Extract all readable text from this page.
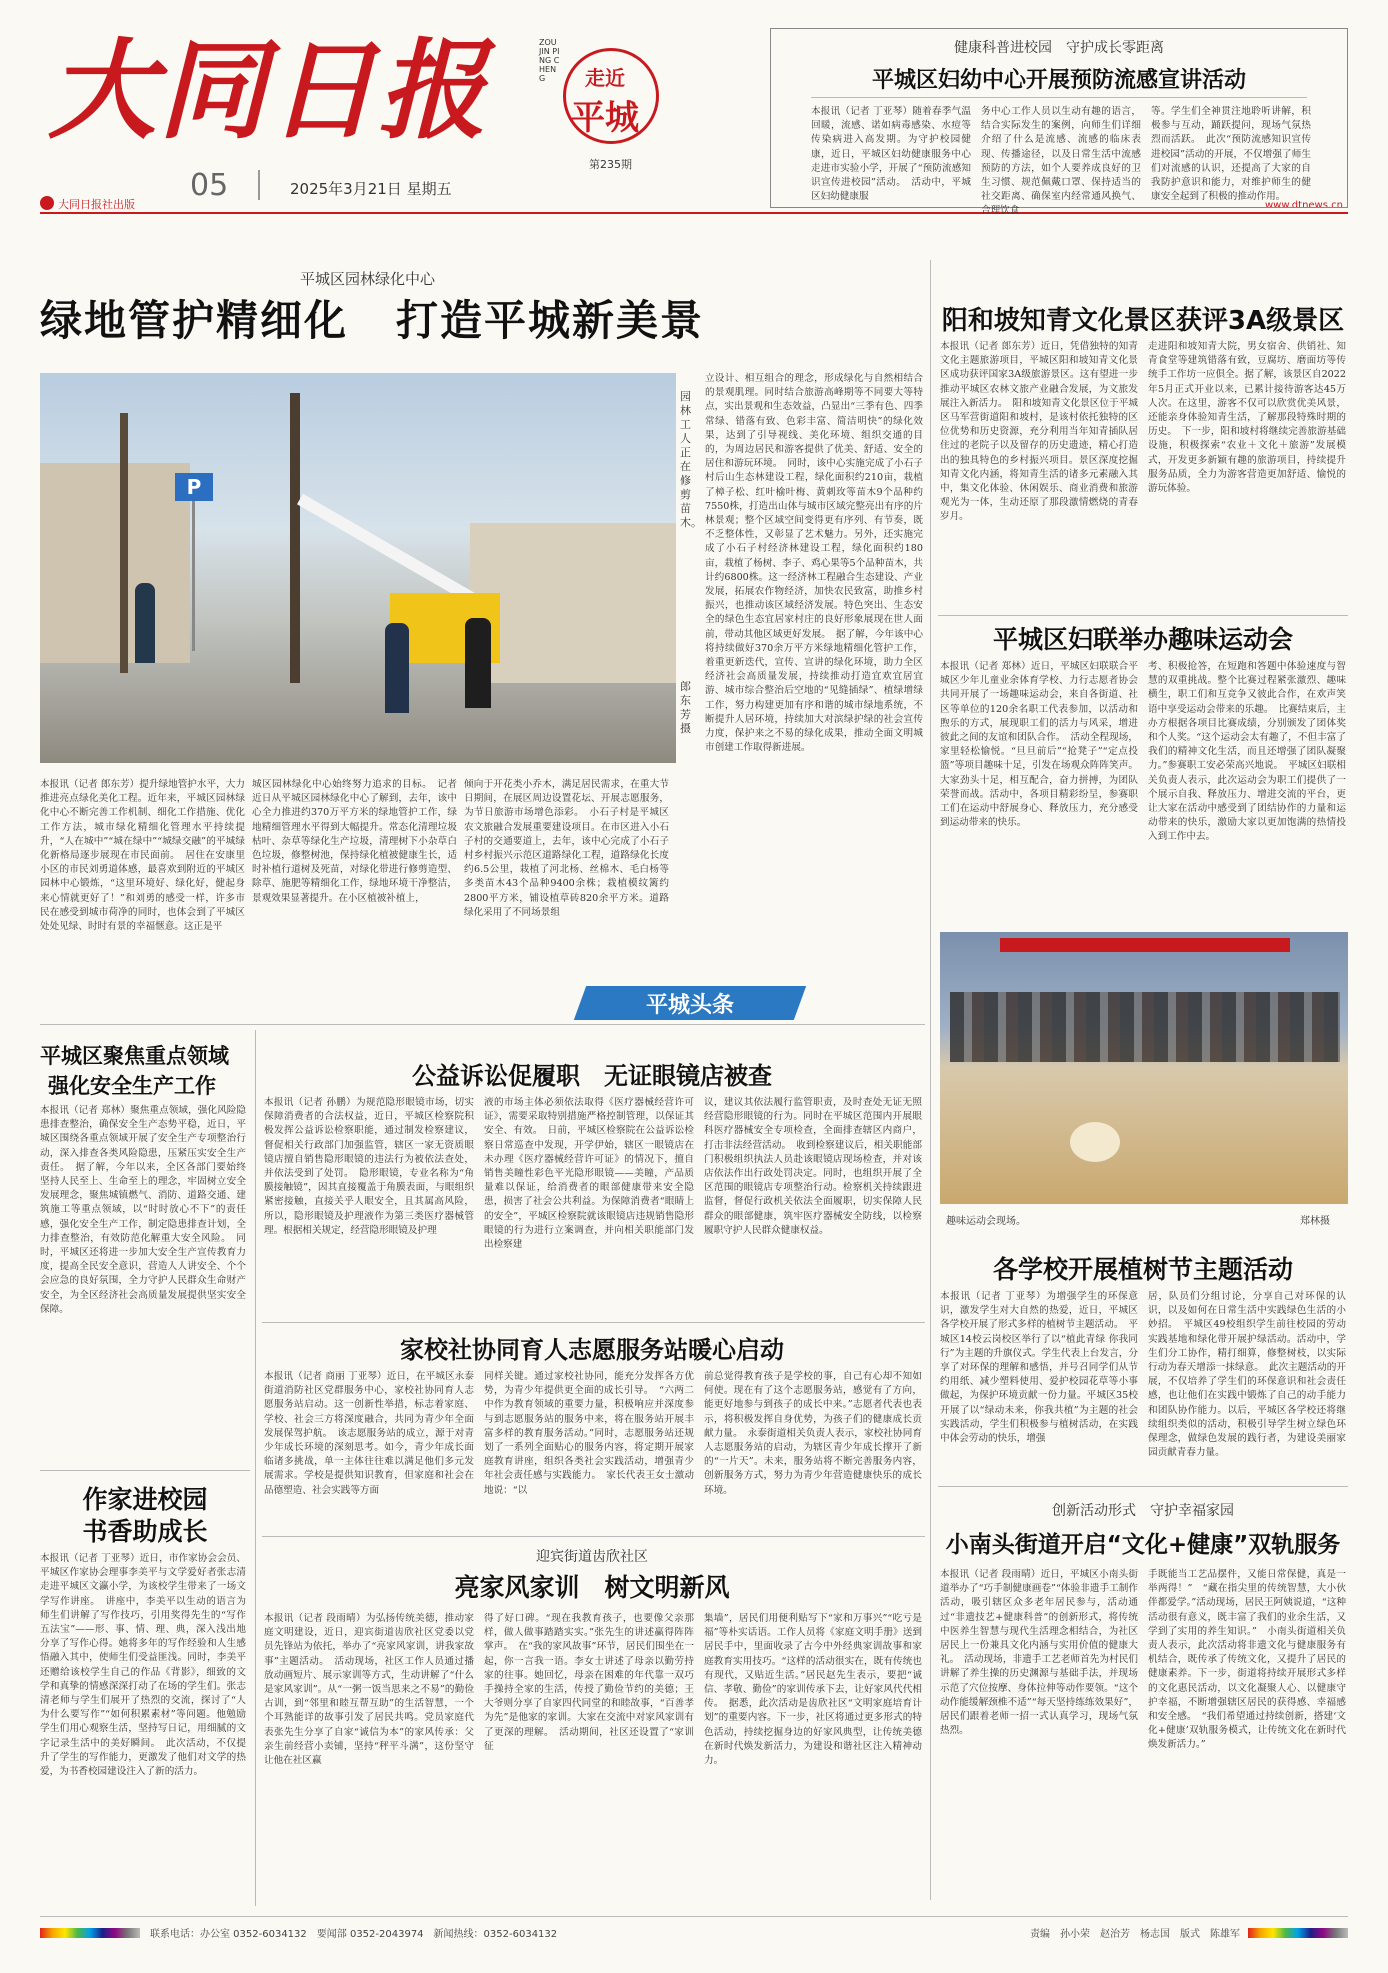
大同日报	ZOU JIN PING CHENG	走近
平城
第235期
05	2025年3月21日 星期五
大同日报社出版	www.dtnews.cn
健康科普进校园　守护成长零距离
平城区妇幼中心开展预防流感宣讲活动
本报讯（记者 丁亚琴）随着春季气温回暖，流感、诺如病毒感染、水痘等传染病进入高发期。为守护校园健康，近日，平城区妇幼健康服务中心走进市实验小学，开展了“预防流感知识宣传进校园”活动。　活动中，平城区妇幼健康服
务中心工作人员以生动有趣的语言，结合实际发生的案例，向师生们详细介绍了什么是流感、流感的临床表现、传播途径，以及日常生活中流感预防的方法，如个人要养成良好的卫生习惯、规范佩戴口罩、保持适当的社交距离、确保室内经常通风换气、合理饮食
等。学生们全神贯注地聆听讲解，积极参与互动，踊跃提问，现场气氛热烈而活跃。　此次“预防流感知识宣传进校园”活动的开展，不仅增强了师生们对流感的认识，还提高了大家的自我防护意识和能力，对维护师生的健康安全起到了积极的推动作用。
平城区园林绿化中心
绿地管护精细化 打造平城新美景
P
园林工人正在修剪苗木。
郎东芳摄
立设计、相互组合的理念，形成绿化与自然相结合的景观肌理。同时结合旅游高峰期等不同要大等特点，实出景观和生态效益，凸显出“三季有色、四季常绿、错落有致、色彩丰富、简洁明快”的绿化效果，达到了引导视线、美化环境、组织交通的目的，为周边居民和游客提供了优美、舒适、安全的居住和游玩环境。　同时，该中心实施完成了小石子村后山生态林建设工程，绿化面积约210亩，栽植了樟子松、红叶榆叶梅、黄刺玫等苗木9个品种约7550株，打造出山体与城市区域完整亮出有序的片林景观；整个区域空间变得更有序列、有节奏，既不乏整体性，又彰显了艺术魅力。另外，还实施完成了小石子村经济林建设工程，绿化面积约180亩，栽植了杨树、李子、鸡心果等5个品种苗木，共计约6800株。这一经济林工程融合生态建设、产业发展，拓展农作物经济，加快农民致富，助推乡村振兴，也推动该区域经济发展。特色突出、生态安全的绿色生态宜居家村庄的良好形象展现在世人面前，带动其他区域更好发展。　据了解，今年该中心将持续做好370余万平方米绿地精细化管护工作，着重更新迭代，宣传、宣讲的绿化环境，助力全区经济社会高质量发展，持续推动打造宜欢宜居宜游、城市综合整治后空地的“见缝插绿”、植绿增绿工作，努力构建更加有序和谐的城市绿地系统，不断提升人居环境，持续加大对滨绿护绿的社会宣传力度，保护来之不易的绿化成果，推动全面文明城市创建工作取得新进展。
本报讯（记者 郎东芳）提升绿地管护水平，大力推进亮点绿化美化工程。近年来，平城区园林绿化中心不断完善工作机制、细化工作措施、优化工作方法，城市绿化精细化管理水平持续提升，“人在城中”“城在绿中”“城绿交融”的平城绿化新格局逐步展现在市民面前。　居住在安康里小区的市民刘勇道体感，最喜欢到附近的平城区园林中心锻炼，“这里环境好、绿化好，健起身来心情就更好了！”和刘勇的感受一样，许多市民在感受到城市荷净的同时，也体会到了平城区处处见绿、时时有景的幸福惬意。这正是平
城区园林绿化中心始终努力追求的目标。　记者近日从平城区园林绿化中心了解到，去年，该中心全力推进约370万平方米的绿地管护工作，绿地精细管理水平得到大幅提升。常态化清理垃圾枯叶、杂草等绿化生产垃圾，清理树下小杂草白色垃圾，修整树池，保持绿化植被健康生长，适时补植行道树及死苗，对绿化带进行修剪造型、除草、施肥等精细化工作，绿地环境干净整洁，景观效果显著提升。在小区植被补植上，
倾向于开花类小乔木，满足居民需求，在重大节日期间，在展区周边设置花坛、开展志愿服务，为节日旅游市场增色添彩。　小石子村是平城区农文旅融合发展重要建设项目。在市区进入小石子村的交通要道上，去年，该中心完成了小石子村乡村振兴示范区道路绿化工程，道路绿化长度约6.5公里，栽植了河北杨、丝棉木、毛白杨等多类苗木43个品种9400余株；栽植模纹篱约2800平方米，铺设植草砖820余平方米。道路绿化采用了不同场景组
平城头条
阳和坡知青文化景区获评3A级景区
本报讯（记者 郎东芳）近日，凭借独特的知青文化主题旅游项目，平城区阳和坡知青文化景区成功获评国家3A级旅游景区。这有望进一步推动平城区农林文旅产业融合发展，为文旅发展注入新活力。　阳和坡知青文化景区位于平城区马军营街道阳和坡村，是该村依托独特的区位优势和历史资源，充分利用当年知青插队居住过的老院子以及留存的历史遗迹，精心打造出的独具特色的乡村振兴项目。景区深度挖掘知青文化内涵，将知青生活的诸多元素融入其中，集文化体验、休闲娱乐、商业消费和旅游观光为一体，生动还原了那段激情燃烧的青春岁月。
走进阳和坡知青大院，男女宿舍、供销社、知青食堂等建筑错落有致，豆腐坊、磨面坊等传统手工作坊一应俱全。据了解，该景区自2022年5月正式开业以来，已累计接待游客达45万人次。在这里，游客不仅可以欣赏优美风景，还能亲身体验知青生活，了解那段特殊时期的历史。　下一步，阳和坡村将继续完善旅游基础设施，积极探索“农业＋文化＋旅游”发展模式，开发更多新颖有趣的旅游项目，持续提升服务品质，全力为游客营造更加舒适、愉悦的游玩体验。
平城区妇联举办趣味运动会
本报讯（记者 郑林）近日，平城区妇联联合平城区少年儿童业余体育学校、力行志愿者协会共同开展了一场趣味运动会，来自各街道、社区等单位的120余名职工代表参加，以活动和煦乐的方式，展现职工们的活力与风采，增进彼此之间的友谊和团队合作。　活动全程现场，家里轻松愉悦。“旦旦前后”“抢凳子”“定点投篮”等项目趣味十足，引发在场观众阵阵笑声。大家劲头十足，相互配合，奋力拼搏，为团队荣誉而战。活动中，各项目精彩纷呈，参赛职工们在运动中舒展身心、释放压力，充分感受到运动带来的快乐。
考、积极抢答，在短跑和答题中体验速度与智慧的双重挑战。整个比赛过程紧张激烈、趣味横生，职工们和互竞争又彼此合作，在欢声笑语中享受运动会带来的乐趣。　比赛结束后，主办方根据各项目比赛成绩，分别颁发了团体奖和个人奖。“这个运动会太有趣了，不但丰富了我们的精神文化生活，而且还增强了团队凝聚力。”参赛职工安必荣高兴地说。　平城区妇联相关负责人表示，此次运动会为职工们提供了一个展示自我、释放压力、增进交流的平台，更让大家在活动中感受到了团结协作的力量和运动带来的快乐，激励大家以更加饱满的热情投入到工作中去。
趣味运动会现场。	郑林摄
各学校开展植树节主题活动
本报讯（记者 丁亚琴）为增强学生的环保意识，激发学生对大自然的热爱，近日，平城区各学校开展了形式多样的植树节主题活动。　平城区14校云岗校区举行了以“植此青绿 你我同行”为主题的升旗仪式。学生代表上台发言，分享了对环保的理解和感悟，并号召同学们从节约用纸、减少塑料使用、爱护校园花草等小事做起，为保护环境贡献一份力量。平城区35校开展了以“绿动未来，你我共植”为主题的社会实践活动，学生们积极参与植树活动，在实践中体会劳动的快乐，增强
居，队员们分组讨论，分享自己对环保的认识，以及如何在日常生活中实践绿色生活的小妙招。　平城区49校组织学生前往校园的劳动实践基地和绿化带开展护绿活动。活动中，学生们分工协作，精打细算，修整树枝，以实际行动为春天增添一抹绿意。　此次主题活动的开展，不仅培养了学生们的环保意识和社会责任感，也让他们在实践中锻炼了自己的动手能力和团队协作能力。以后，平城区各学校还将继续组织类似的活动，积极引导学生树立绿色环保理念，做绿色发展的践行者，为建设美丽家园贡献青春力量。
创新活动形式　守护幸福家园
小南头街道开启“文化+健康”双轨服务
本报讯（记者 段雨晴）近日，平城区小南头街道举办了“巧手制健康画卷”“体验非遗手工制作活动，吸引辖区众多老年居民参与，活动通过“非遗技艺+健康科普”的创新形式，将传统中医养生智慧与现代生活理念相结合，为社区居民上一份兼具文化内涵与实用价值的健康大礼。　活动现场，非遗手工艺老师首先为村民们讲解了养生操的历史渊源与基础手法，并现场示范了穴位按摩、身体拉伸等动作要领。“这个动作能缓解颈椎不适”“每天坚持练练效果好”，居民们跟着老师一招一式认真学习，现场气氛热烈。
手既能当工艺品摆件，又能日常保健，真是一举两得！”　“藏在指尖里的传统智慧，大小伙伴都爱学。”活动现场，居民王阿姨说道，“这种活动很有意义，既丰富了我们的业余生活，又学到了实用的养生知识。”　小南头街道相关负责人表示，此次活动将非遗文化与健康服务有机结合，既传承了传统文化，又提升了居民的健康素养。下一步，街道将持续开展形式多样的文化惠民活动，以文化凝聚人心、以健康守护幸福，不断增强辖区居民的获得感、幸福感和安全感。　“我们希望通过持续创新，搭建‘文化+健康’双轨服务模式，让传统文化在新时代焕发新活力。”
平城区聚焦重点领域
强化安全生产工作
本报讯（记者 郑林）聚焦重点领域，强化风险隐患排查整治，确保安全生产态势平稳，近日，平城区围绕各重点领域开展了安全生产专项整治行动，深入排查各类风险隐患，压紧压实安全生产责任。　据了解，今年以来，全区各部门要始终坚持人民至上、生命至上的理念，牢固树立安全发展理念，聚焦城镇燃气、消防、道路交通、建筑施工等重点领域，以“时时放心不下”的责任感，强化安全生产工作，制定隐患排查计划，全力排查整治，有效防范化解重大安全风险。　同时，平城区还将进一步加大安全生产宣传教育力度，提高全民安全意识，营造人人讲安全、个个会应急的良好氛围，全力守护人民群众生命财产安全，为全区经济社会高质量发展提供坚实安全保障。
作家进校园
书香助成长
本报讯（记者 丁亚琴）近日，市作家协会会员、平城区作家协会理事李美平与文学爱好者张志清走进平城区文瀛小学，为该校学生带来了一场文学写作讲座。　讲座中，李美平以生动的语言为师生们讲解了写作技巧，引用奖得先生的“写作五法宝”——形、事、情、理、典，深入浅出地分享了写作心得。她将多年的写作经验和人生感悟融入其中，使师生们受益匪浅。同时，李美平还赠给该校学生自己的作品《背影》，细致的文学和真挚的情感深深打动了在场的学生们。张志清老师与学生们展开了热烈的交流，探讨了“人为什么要写作”“如何积累素材”等问题。他勉励学生们用心观察生活，坚持写日记，用细腻的文字记录生活中的美好瞬间。　此次活动，不仅提升了学生的写作能力，更激发了他们对文学的热爱，为书香校园建设注入了新的活力。
公益诉讼促履职　无证眼镜店被查
本报讯（记者 孙鹏）为规范隐形眼镜市场，切实保障消费者的合法权益，近日，平城区检察院积极发挥公益诉讼检察职能，通过制发检察建议，督促相关行政部门加强监管，辖区一家无资质眼镜店擅自销售隐形眼镜的违法行为被依法查处，并依法受到了处罚。　隐形眼镜，专业名称为“角膜接触镜”，因其直接覆盖于角膜表面，与眼组织紧密接触，直接关乎人眼安全，且其属高风险，所以，隐形眼镜及护理液作为第三类医疗器械管理。根据相关规定，经营隐形眼镜及护理
液的市场主体必须依法取得《医疗器械经营许可证》，需要采取特别措施严格控制管理，以保证其安全、有效。　日前，平城区检察院在公益诉讼检察日常巡查中发现，开学伊始，辖区一眼镜店在未办理《医疗器械经营许可证》的情况下，擅自销售美瞳性彩色平光隐形眼镜——美瞳，产品质量难以保证，给消费者的眼部健康带来安全隐患，损害了社会公共利益。为保障消费者“眼睛上的安全”，平城区检察院就该眼镜店违规销售隐形眼镜的行为进行立案调查，并向相关职能部门发出检察建
议，建议其依法履行监管职责，及时查处无证无照经营隐形眼镜的行为。同时在平城区范围内开展眼科医疗器械安全专项检查，全面排查辖区内商户，打击非法经营活动。　收到检察建议后，相关职能部门积极组织执法人员赴该眼镜店现场检查，并对该店依法作出行政处罚决定。同时，也组织开展了全区范围的眼镜店专项整治行动。检察机关持续跟进监督，督促行政机关依法全面履职，切实保障人民群众的眼部健康，筑牢医疗器械安全防线，以检察履职守护人民群众健康权益。
家校社协同育人志愿服务站暖心启动
本报讯（记者 商丽 丁亚琴）近日，在平城区永泰街道消防社区党群服务中心，家校社协同育人志愿服务站启动。这一创新性举措，标志着家庭、学校、社会三方将深度融合，共同为青少年全面发展保驾护航。　该志愿服务站的成立，源于对青少年成长环境的深刻思考。如今，青少年成长面临诸多挑战，单一主体往往难以满足他们多元发展需求。学校是提供知识教育，但家庭和社会在品德塑造、社会实践等方面
同样关键。通过家校社协同，能充分发挥各方优势，为青少年提供更全面的成长引导。　“六两二中作为教育领域的重要力量，积极响应并深度参与到志愿服务站的服务中来，将在服务站开展丰富多样的教育服务活动。”同时，志愿服务站还规划了一系列全面贴心的服务内容，将定期开展家庭教育讲座，组织各类社会实践活动，增强青少年社会责任感与实践能力。　家长代表王女士激动地说：“以
前总觉得教育孩子是学校的事，自己有心却不知如何使。现在有了这个志愿服务站，感觉有了方向，能更好地参与到孩子的成长中来。”志愿者代表也表示，将积极发挥自身优势，为孩子们的健康成长贡献力量。　永泰街道相关负责人表示，家校社协同育人志愿服务站的启动，为辖区青少年成长撑开了新的“一片天”。未来，服务站将不断完善服务内容，创新服务方式，努力为青少年营造健康快乐的成长环境。
迎宾街道齿欣社区
亮家风家训　树文明新风
本报讯（记者 段雨晴）为弘扬传统美德，推动家庭文明建设，近日，迎宾街道齿欣社区党委以党员先锋站为依托，举办了“亮家风家训，讲我家故事”主题活动。　活动现场，社区工作人员通过播放动画短片、展示家训等方式，生动讲解了“什么是家风家训”。从“一粥一饭当思来之不易”的勤俭古训，到“邻里和睦互帮互助”的生活智慧，一个个耳熟能详的故事引发了居民共鸣。党员家庭代表张先生分享了自家“诚信为本”的家风传承：父亲生前经营小卖铺，坚持“秤平斗满”，这份坚守让他在社区赢
得了好口碑。“现在我教育孩子，也要像父亲那样，做人做事踏踏实实。”张先生的讲述赢得阵阵掌声。　在“我的家风故事”环节，居民们围坐在一起，你一言我一语。李女士讲述了母亲以勤劳持家的往事。她回忆，母亲在困难的年代靠一双巧手操持全家的生活，传授了勤俭节约的美德；王大爷则分享了自家四代同堂的和睦故事，“百善孝为先”是他家的家训。大家在交流中对家风家训有了更深的理解。　活动期间，社区还设置了“家训征
集墙”，居民们用便利贴写下“家和万事兴”“吃亏是福”等朴实话语。工作人员将《家庭文明手册》送到居民手中，里面收录了古今中外经典家训故事和家庭教育实用技巧。“这样的活动很实在，既有传统也有现代，又贴近生活。”居民赵先生表示，要把“诚信、孝敬、勤俭”的家训传承下去，让好家风代代相传。　据悉，此次活动是齿欣社区“文明家庭培育计划”的重要内容。下一步，社区将通过更多形式的特色活动，持续挖掘身边的好家风典型，让传统美德在新时代焕发新活力，为建设和谐社区注入精神动力。
联系电话：办公室 0352-6034132　要闻部 0352-2043974　新闻热线：0352-6034132	责编　孙小荣　赵治芳　杨志国　版式　陈雄军
